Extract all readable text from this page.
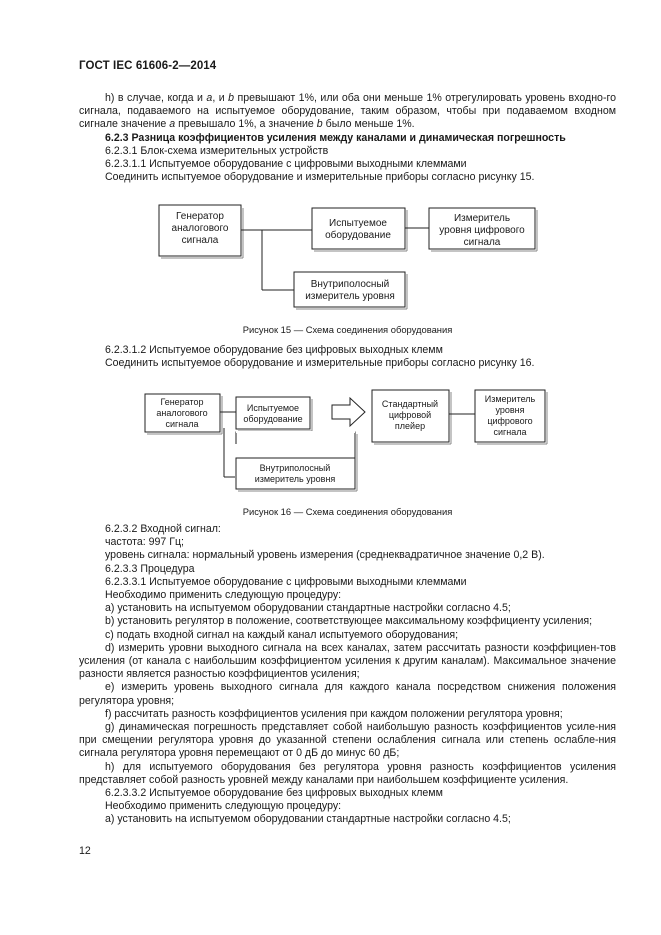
ГОСТ IEC 61606-2—2014

h) в случае, когда и a, и b превышают 1%, или оба они меньше 1% отрегулировать уровень входно-го сигнала, подаваемого на испытуемое оборудование, таким образом, чтобы при подаваемом входном сигнале значение a превышало 1%, а значение b было меньше 1%.

6.2.3 Разница коэффициентов усиления между каналами и динамическая погрешность

6.2.3.1 Блок-схема измерительных устройств

6.2.3.1.1 Испытуемое оборудование с цифровыми выходными клеммами

Соединить испытуемое оборудование и измерительные приборы согласно рисунку 15.

Генератор
аналогового
сигнала
Испытуемое
оборудование
Измеритель
уровня цифрового
сигнала
Внутриполосный
измеритель уровня
Рисунок 15 — Схема соединения оборудования

6.2.3.1.2 Испытуемое оборудование без цифровых выходных клемм

Соединить испытуемое оборудование и измерительные приборы согласно рисунку 16.

Генератор
аналогового
сигнала
Испытуемое
оборудование
Стандартный
цифровой
плейер
Измеритель
уровня
цифрового
сигнала
Внутриполосный
измеритель уровня
Рисунок 16 — Схема соединения оборудования

6.2.3.2 Входной сигнал:

частота: 997 Гц;

уровень сигнала: нормальный уровень измерения (среднеквадратичное значение 0,2 В).

6.2.3.3 Процедура

6.2.3.3.1 Испытуемое оборудование с цифровыми выходными клеммами

Необходимо применить следующую процедуру:

a) установить на испытуемом оборудовании стандартные настройки согласно 4.5;

b) установить регулятор в положение, соответствующее максимальному коэффициенту усиления;

c) подать входной сигнал на каждый канал испытуемого оборудования;

d) измерить уровни выходного сигнала на всех каналах, затем рассчитать разности коэффициен-тов усиления (от канала с наибольшим коэффициентом усиления к другим каналам). Максимальное значение разности является разностью коэффициентов усиления;

e) измерить уровень выходного сигнала для каждого канала посредством снижения положения регулятора уровня;

f) рассчитать разность коэффициентов усиления при каждом положении регулятора уровня;

g) динамическая погрешность представляет собой наибольшую разность коэффициентов усиле-ния при смещении регулятора уровня до указанной степени ослабления сигнала или степень ослабле-ния сигнала регулятора уровня перемещают от 0 дБ до минус 60 дБ;

h) для испытуемого оборудования без регулятора уровня разность коэффициентов усиления представляет собой разность уровней между каналами при наибольшем коэффициенте усиления.

6.2.3.3.2 Испытуемое оборудование без цифровых выходных клемм

Необходимо применить следующую процедуру:

a) установить на испытуемом оборудовании стандартные настройки согласно 4.5;

12
